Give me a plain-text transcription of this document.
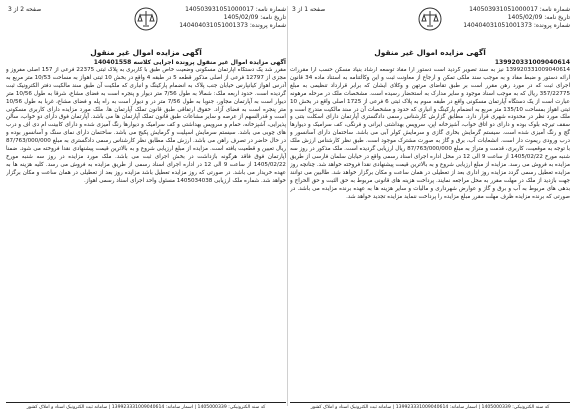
شماره نامه: 140503931051000017
تاریخ نامه: 1405/02/09
شماره پرونده: 140404031051001373
صفحه 1 از 3
آگهی مزایده اموال غیر منقول
139920331009040614
139920331009040614 نیز به سند تصویر گردید است دستور آرا مفاد توسعه ارشاد بنیاد مسکن حسب آرا مقررات ارائه دستور و ضبط مفاد و به موجب سند ملکی تمکن و ارجاع از معاونت ثبت و این وکالتنامه به استناد ماده 34 قانون اجرای ثبت که در مورد رهن مقرر است بر طبق تقاضای مرتهن و وکلای ایشان که برابر قرارداد تنظیمی به مبلغ 357/22775 ریال که به موجب اسناد موجود و سایر مدارک به استحضار رسیده است. مشخصات ملک در مرحله مرهونه عبارت است از یک دستگاه آپارتمان مسکونی واقع در طبقه سوم به پلاک ثبتی 6 فرعی از 1725 اصلی واقع در بخش 10 ثبتی اهواز بمساحت 135/10 متر مربع به انضمام پارکینگ و انباری که حدود و مشخصات آن در سند مالکیت مندرج است و ملک مورد نظر در محدوده شهری قرار دارد. مطابق گزارش کارشناس رسمی دادگستری آپارتمان دارای اسکلت بتنی و سقف تیرچه بلوک بوده و دارای دو اتاق خواب، آشپزخانه اپن، سرویس بهداشتی ایرانی و فرنگی، کف سرامیک و دیوارها گچ و رنگ آمیزی شده است. سیستم گرمایش بخاری گازی و سرمایش کولر آبی می باشد. ساختمان دارای آسانسور و درب ورودی ریموت دار است. انشعابات آب، برق و گاز به صورت مشترک موجود است. طبق نظر کارشناس ارزش ملک با توجه به موقعیت، کاربری، قدمت و متراژ به مبلغ 87/763/000/000 ریال ارزیابی گردیده است. ملک مذکور در روز سه شنبه مورخ 1405/02/22 از ساعت 9 الی 12 در محل اداره اجرای اسناد رسمی واقع در خیابان سلمان فارسی از طریق مزایده به فروش می رسد. مزایده از مبلغ ارزیابی شروع و به بالاترین قیمت پیشنهادی نقدا فروخته خواهد شد. چنانچه روز مزایده تعطیل رسمی گردد مزایده روز اداری بعد از تعطیلی در همان ساعت و مکان برگزار خواهد شد. طالبین می توانند جهت بازدید از ملک در مهلت مقرر به محل مراجعه نمایند. پرداخت هزینه های قانونی مربوط به حق الثبت و حق الحراج و بدهی های مربوط به آب و برق و گاز و عوارض شهرداری و مالیات و سایر هزینه ها به عهده برنده مزایده می باشد. در صورتی که برنده مزایده ظرف مهلت مقرر مبلغ مزایده را پرداخت ننماید مزایده تجدید خواهد شد.
کد سند الکترونیکی: 1405000339 | اسمار سامانه: 139923331009040614 | سامانه ثبت الکترونیک اسناد و املاک کشور
شماره نامه: 140503931051000017
تاریخ نامه: 1405/02/09
شماره پرونده: 140404031051001373
صفحه 2 از 3
آگهی مزایده اموال غیر منقول
آگهی مزایده اموال غیر منقول پرونده اجرایی کلاسه 140401558
مقرر شد یک دستگاه آپارتمان مسکونی وضعیت خاص طبق با کاربری به پلاک ثبتی 22375 فرعی از 157 اصلی مفروز و مجزی از 12797 فرعی از اصلی مذکور قطعه 5 در طبقه 4 واقع در بخش 10 ثبتی اهواز به مساحت 10/53 متر مربع به آدرس اهواز کیانپارس خیابان جنب پلاک به انضمام پارکینگ و انباری که ملکیت آن طبق سند مالکیت دفتر الکترونیک ثبت گردیده است. حدود اربعه ملک: شمالا به طول 7/56 متر دیوار و پنجره است به فضای مشاع، شرقا به طول 10/56 متر دیوار است به آپارتمان مجاور، جنوبا به طول 7/56 متر در و دیوار است به راه پله و فضای مشاع، غربا به طول 10/56 متر پنجره است به فضای آزاد. حقوق ارتفاقی طبق قانون تملک آپارتمان ها. ملک مورد مزایده دارای کاربری مسکونی است و قدرالسهم از عرصه و سایر مشاعات طبق قانون تملک آپارتمان ها می باشد. آپارتمان فوق دارای دو خواب، سالن پذیرایی، آشپزخانه، حمام و سرویس بهداشتی و کف سرامیک و دیوارها رنگ آمیزی شده و دارای کابینت ام دی اف و درب های چوبی می باشد. سیستم سرمایش اسپلیت و گرمایش پکیج می باشد. ساختمان دارای نمای سنگ و آسانسور بوده و در حال حاضر در تصرف راهن می باشد. ارزش ملک مطابق نظر کارشناس رسمی دادگستری به مبلغ 87/763/000/000 ریال تعیین و قطعیت یافته است. مزایده از مبلغ ارزیابی شروع و به بالاترین قیمت پیشنهادی نقدا فروخته می شود. ضمنا آپارتمان فوق فاقد هرگونه بازداشت در بخش اجرای ثبت می باشد. ملک مورد مزایده در روز سه شنبه مورخ 1405/02/22 از ساعت 9 الی 12 در اداره اجرای اسناد رسمی از طریق مزایده به فروش می رسد. کلیه هزینه ها به عهده خریدار می باشد. در صورتی که روز مزایده تعطیل باشد مزایده روز بعد از تعطیلی در همان ساعت و مکان برگزار خواهد شد. شماره ملک ارزیابی 1405034038 مسئول واحد اجرای اسناد رسمی اهواز.
کد سند الکترونیکی: 1405000339 | اسمار سامانه: 139923331009040614 | سامانه ثبت الکترونیک اسناد و املاک کشور
